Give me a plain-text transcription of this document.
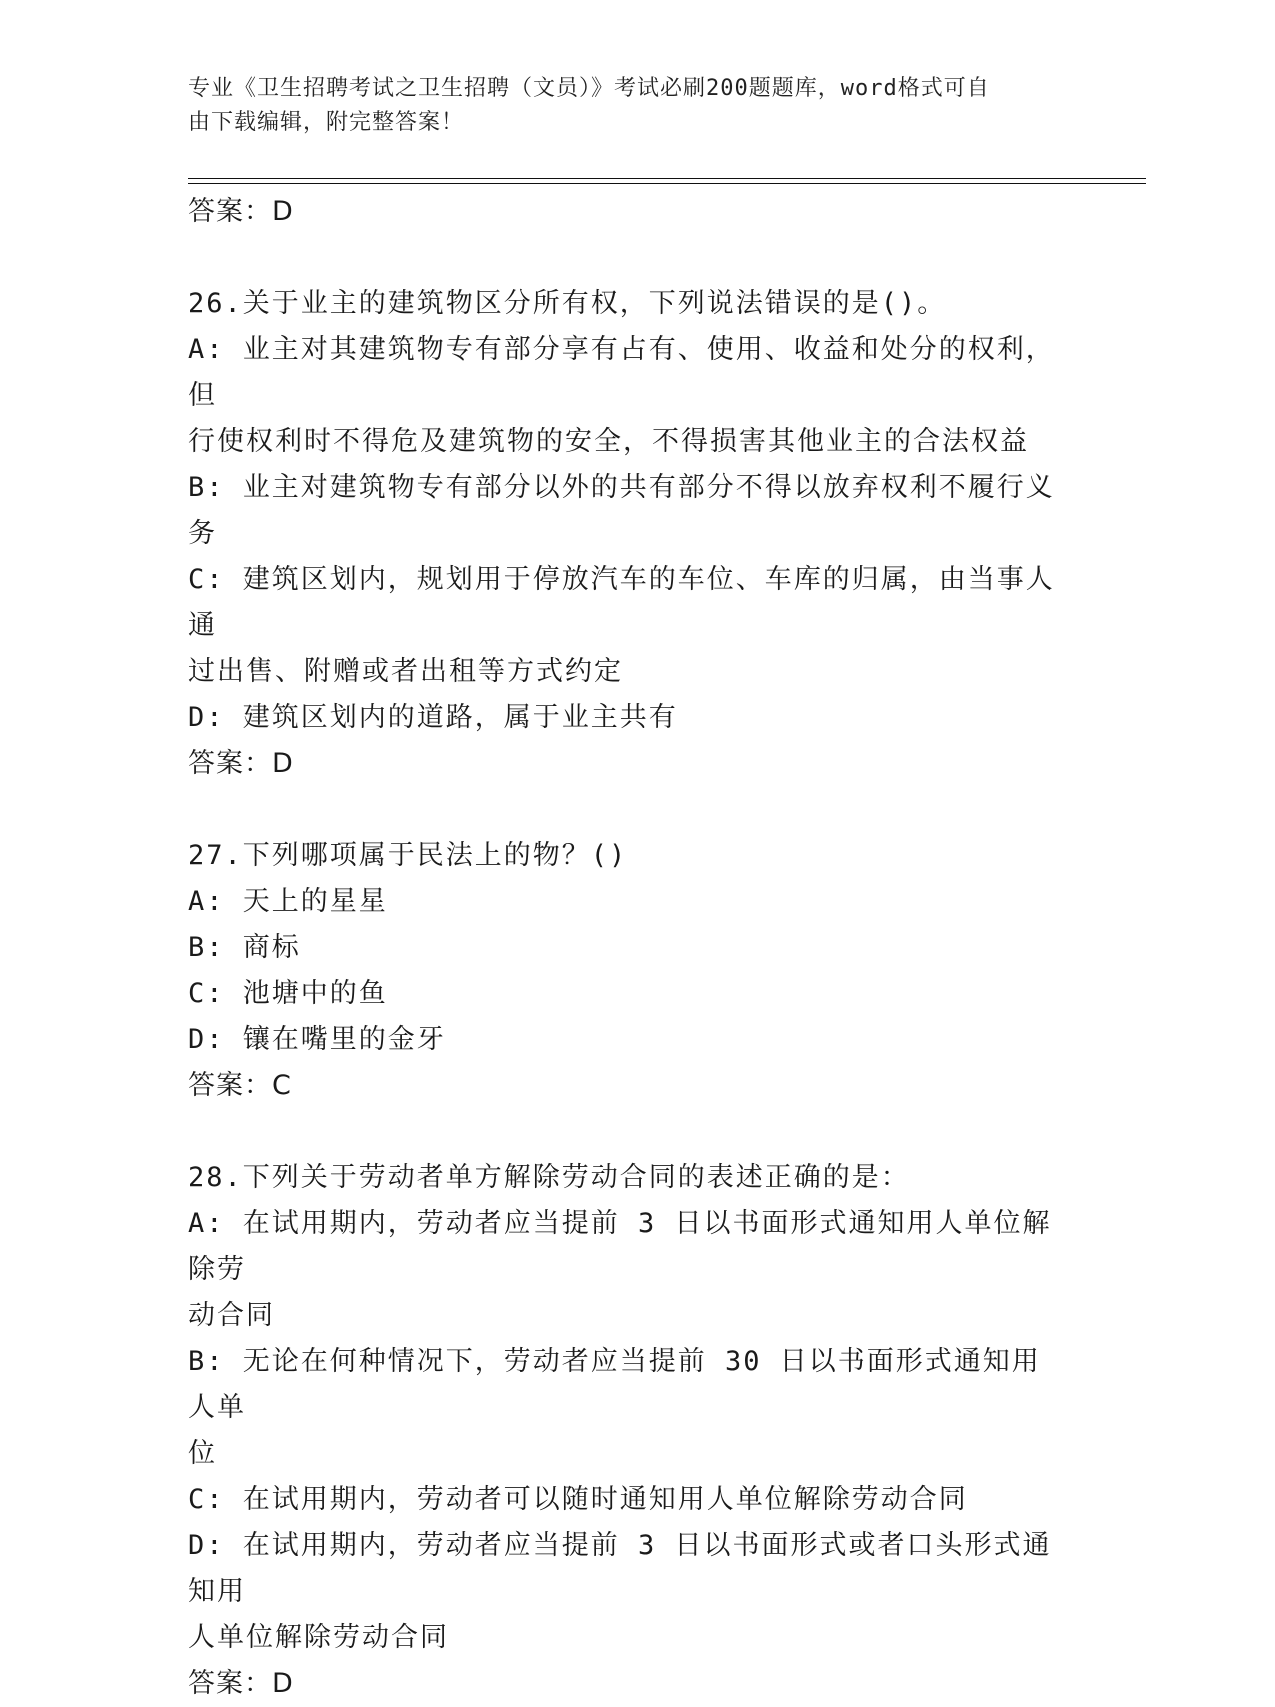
专业《卫生招聘考试之卫生招聘（文员）》考试必刷200题题库，word格式可自
由下载编辑，附完整答案！

答案：D

26.关于业主的建筑物区分所有权，下列说法错误的是()。

A: 业主对其建筑物专有部分享有占有、使用、收益和处分的权利，但

行使权利时不得危及建筑物的安全，不得损害其他业主的合法权益

B: 业主对建筑物专有部分以外的共有部分不得以放弃权利不履行义务

C: 建筑区划内，规划用于停放汽车的车位、车库的归属，由当事人通

过出售、附赠或者出租等方式约定

D: 建筑区划内的道路，属于业主共有

答案：D

27.下列哪项属于民法上的物？()

A: 天上的星星

B: 商标

C: 池塘中的鱼

D: 镶在嘴里的金牙

答案：C

28.下列关于劳动者单方解除劳动合同的表述正确的是：

A: 在试用期内，劳动者应当提前 3 日以书面形式通知用人单位解除劳

动合同

B: 无论在何种情况下，劳动者应当提前 30 日以书面形式通知用人单

位

C: 在试用期内，劳动者可以随时通知用人单位解除劳动合同

D: 在试用期内，劳动者应当提前 3 日以书面形式或者口头形式通知用

人单位解除劳动合同

答案：D
